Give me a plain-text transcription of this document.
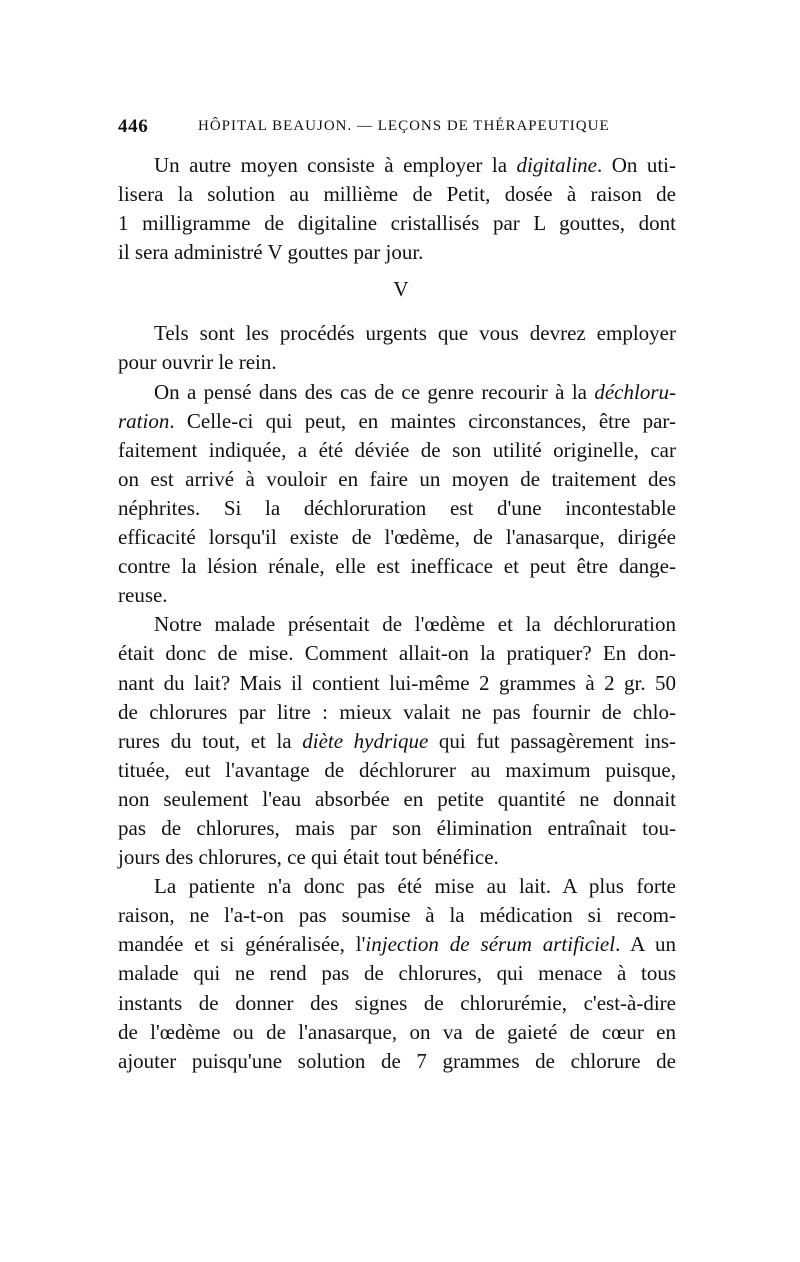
446	HÔPITAL BEAUJON. — LEÇONS DE THÉRAPEUTIQUE
Un autre moyen consiste à employer la digitaline. On uti-
lisera la solution au millième de Petit, dosée à raison de
1 milligramme de digitaline cristallisés par L gouttes, dont
il sera administré V gouttes par jour.
V
Tels sont les procédés urgents que vous devrez employer
pour ouvrir le rein.
On a pensé dans des cas de ce genre recourir à la déchloru-
ration. Celle-ci qui peut, en maintes circonstances, être par-
faitement indiquée, a été déviée de son utilité originelle, car
on est arrivé à vouloir en faire un moyen de traitement des
néphrites. Si la déchloruration est d'une incontestable
efficacité lorsqu'il existe de l'œdème, de l'anasarque, dirigée
contre la lésion rénale, elle est inefficace et peut être dange-
reuse.
Notre malade présentait de l'œdème et la déchloruration
était donc de mise. Comment allait-on la pratiquer? En don-
nant du lait? Mais il contient lui-même 2 grammes à 2 gr. 50
de chlorures par litre : mieux valait ne pas fournir de chlo-
rures du tout, et la diète hydrique qui fut passagèrement ins-
tituée, eut l'avantage de déchlorurer au maximum puisque,
non seulement l'eau absorbée en petite quantité ne donnait
pas de chlorures, mais par son élimination entraînait tou-
jours des chlorures, ce qui était tout bénéfice.
La patiente n'a donc pas été mise au lait. A plus forte
raison, ne l'a-t-on pas soumise à la médication si recom-
mandée et si généralisée, l'injection de sérum artificiel. A un
malade qui ne rend pas de chlorures, qui menace à tous
instants de donner des signes de chlorurémie, c'est-à-dire
de l'œdème ou de l'anasarque, on va de gaieté de cœur en
ajouter puisqu'une solution de 7 grammes de chlorure de
